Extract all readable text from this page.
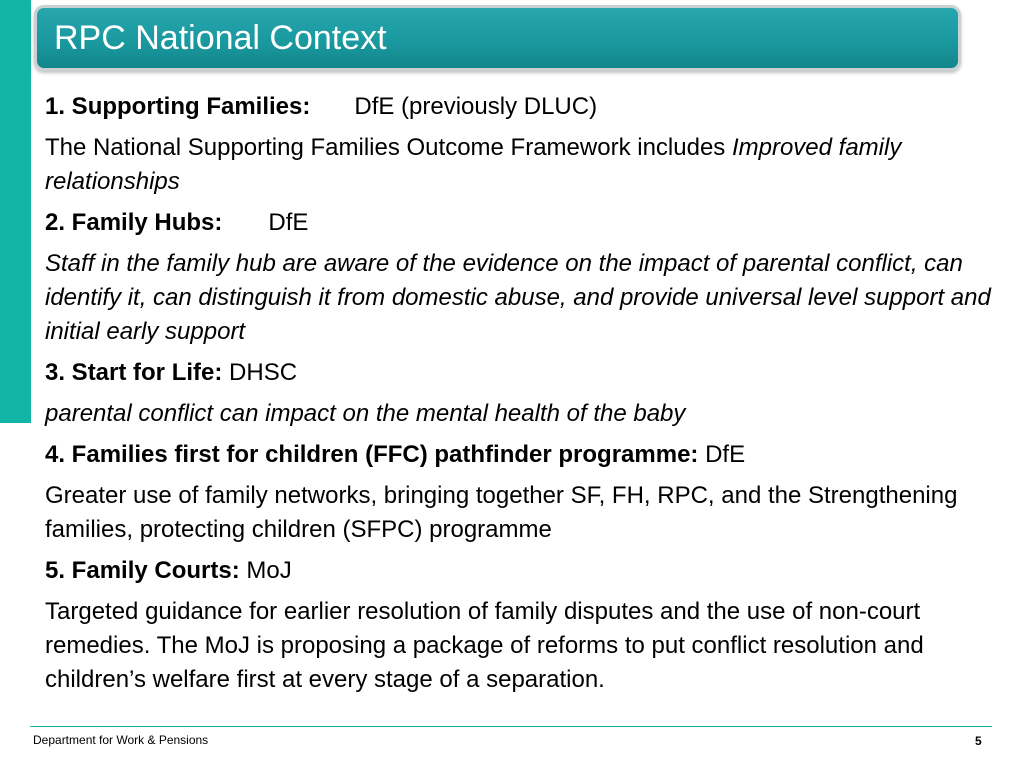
RPC National Context
1. Supporting Families: DfE (previously DLUC)
The National Supporting Families Outcome Framework includes Improved family relationships
2. Family Hubs: DfE
Staff in the family hub are aware of the evidence on the impact of parental conflict, can identify it, can distinguish it from domestic abuse, and provide universal level support and initial early support
3. Start for Life: DHSC
parental conflict can impact on the mental health of the baby
4. Families first for children (FFC) pathfinder programme: DfE
Greater use of family networks, bringing together SF, FH, RPC, and the Strengthening families, protecting children (SFPC) programme
5. Family Courts: MoJ
Targeted guidance for earlier resolution of family disputes and the use of non-court remedies. The MoJ is proposing a package of reforms to put conflict resolution and children’s welfare first at every stage of a separation.
Department for Work & Pensions	5
